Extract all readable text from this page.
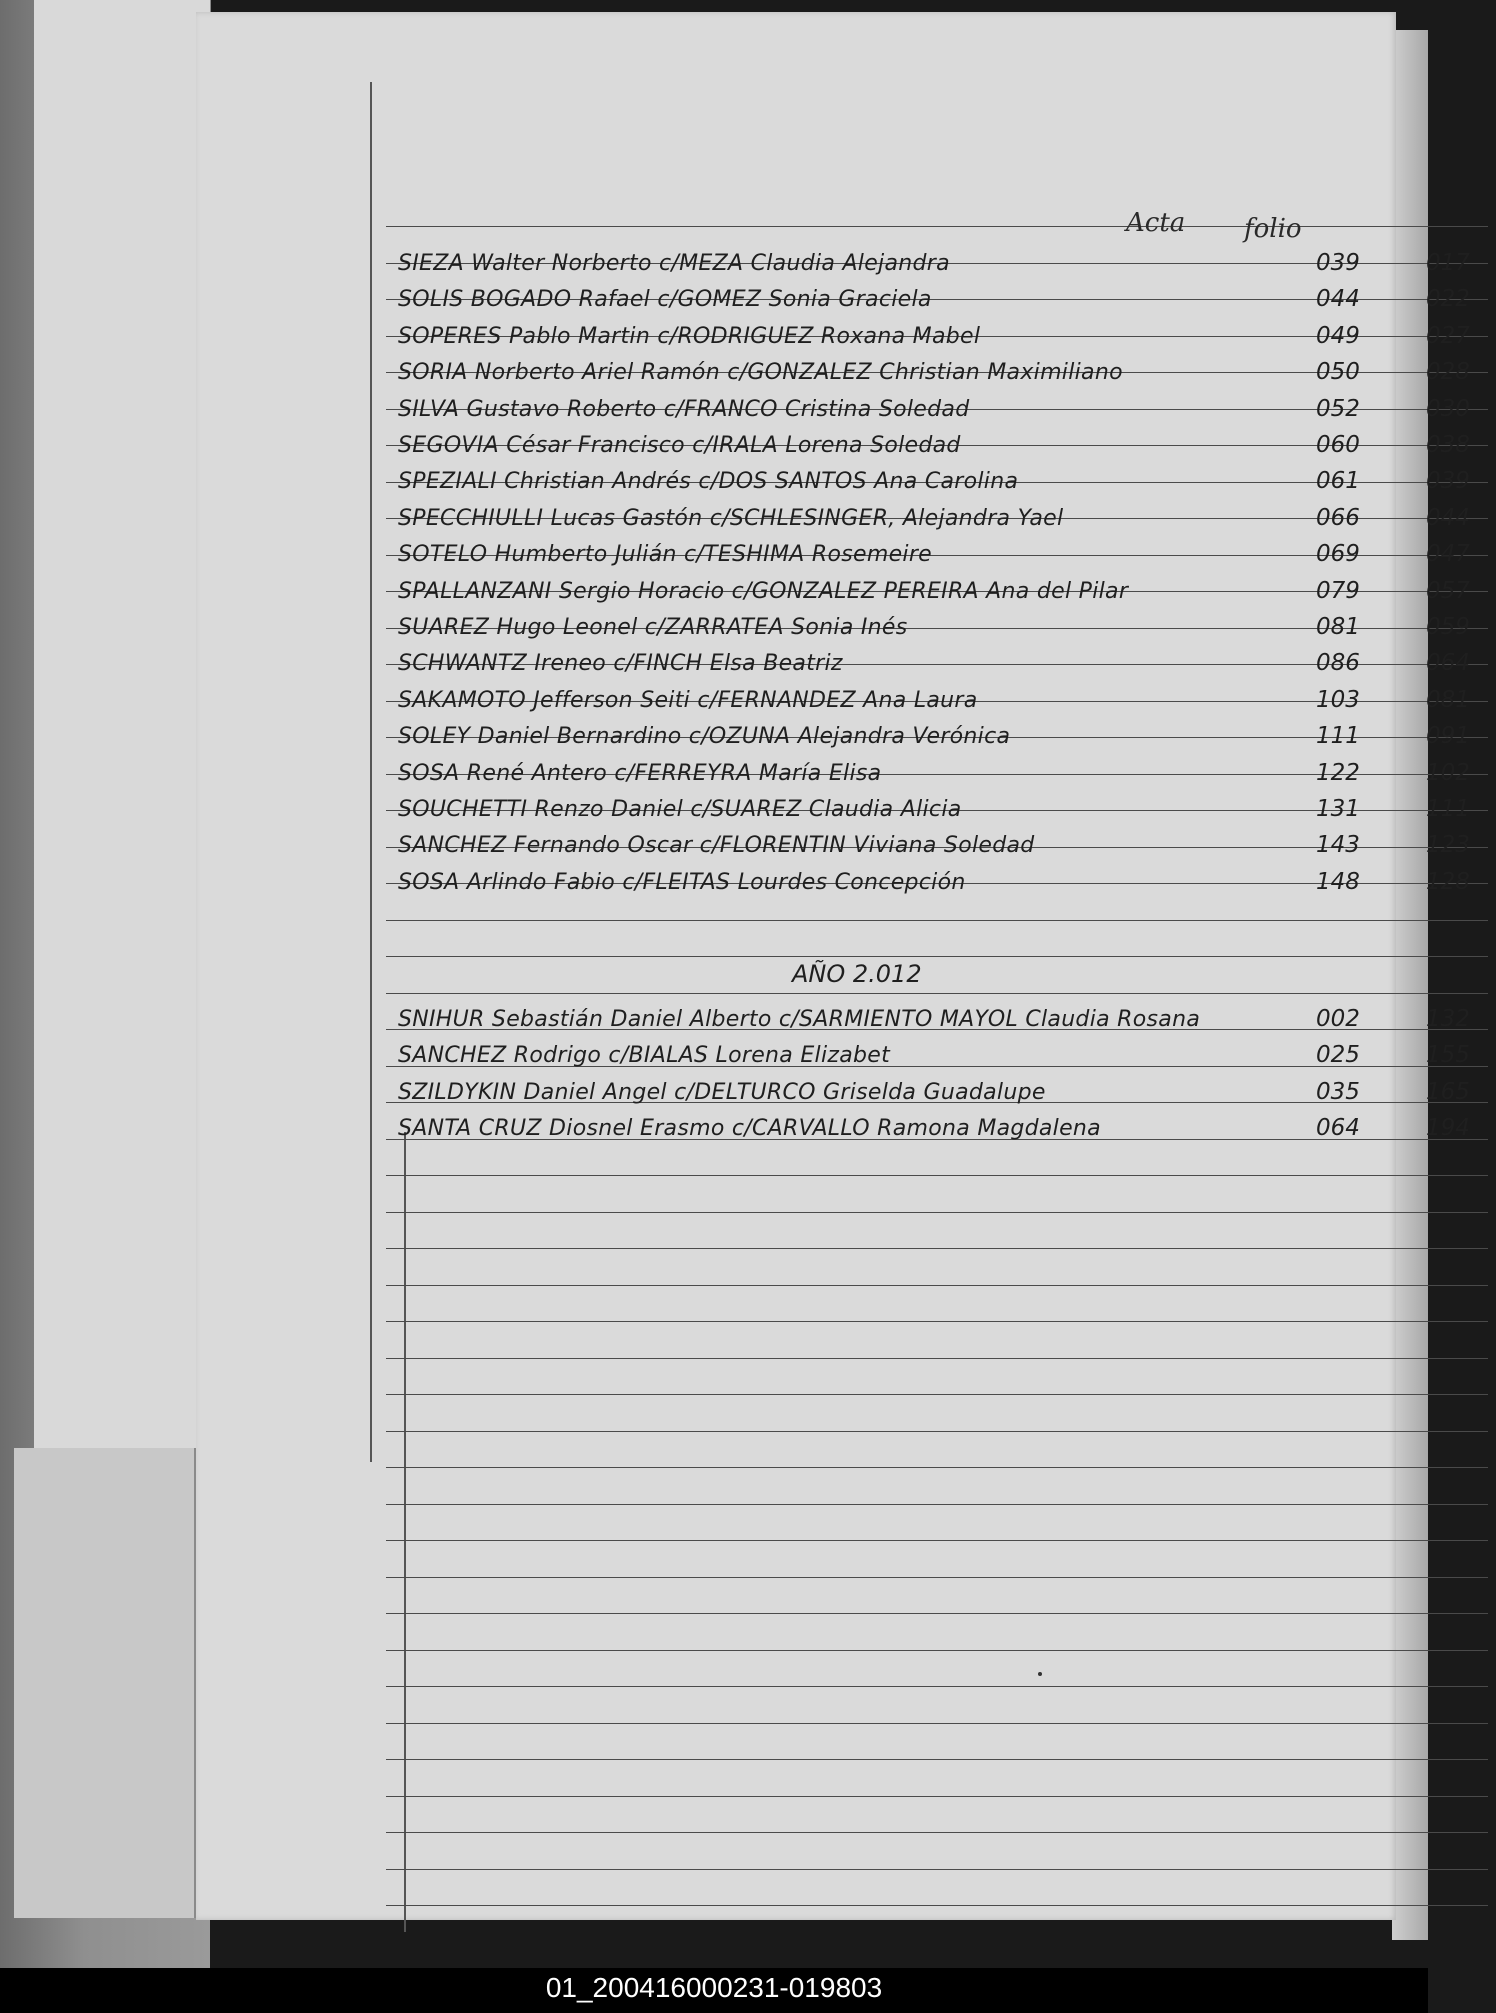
Acta folio
SIEZA Walter Norberto c/MEZA Claudia Alejandra	039	017
SOLIS BOGADO Rafael c/GOMEZ Sonia Graciela	044	022
SOPERES Pablo Martin c/RODRIGUEZ Roxana Mabel	049	027
SORIA Norberto Ariel Ramón c/GONZALEZ Christian Maximiliano	050	028
SILVA Gustavo Roberto c/FRANCO Cristina Soledad	052	030
SEGOVIA César Francisco c/IRALA Lorena Soledad	060	038
SPEZIALI Christian Andrés c/DOS SANTOS Ana Carolina	061	039
SPECCHIULLI Lucas Gastón c/SCHLESINGER, Alejandra Yael	066	044
SOTELO Humberto Julián c/TESHIMA Rosemeire	069	047
SPALLANZANI Sergio Horacio c/GONZALEZ PEREIRA Ana del Pilar	079	057
SUAREZ Hugo Leonel c/ZARRATEA Sonia Inés	081	059
SCHWANTZ Ireneo c/FINCH Elsa Beatriz	086	064
SAKAMOTO Jefferson Seiti c/FERNANDEZ Ana Laura	103	081
SOLEY Daniel Bernardino c/OZUNA Alejandra Verónica	111	091
SOSA René Antero c/FERREYRA María Elisa	122	102
SOUCHETTI Renzo Daniel c/SUAREZ Claudia Alicia	131	111
SANCHEZ Fernando Oscar c/FLORENTIN Viviana Soledad	143	123
SOSA Arlindo Fabio c/FLEITAS Lourdes Concepción	148	128
AÑO 2.012
SNIHUR Sebastián Daniel Alberto c/SARMIENTO MAYOL Claudia Rosana	002	132
SANCHEZ Rodrigo c/BIALAS Lorena Elizabet	025	155
SZILDYKIN Daniel Angel c/DELTURCO Griselda Guadalupe	035	165
SANTA CRUZ Diosnel Erasmo c/CARVALLO Ramona Magdalena	064	194
01_200416000231-019803
